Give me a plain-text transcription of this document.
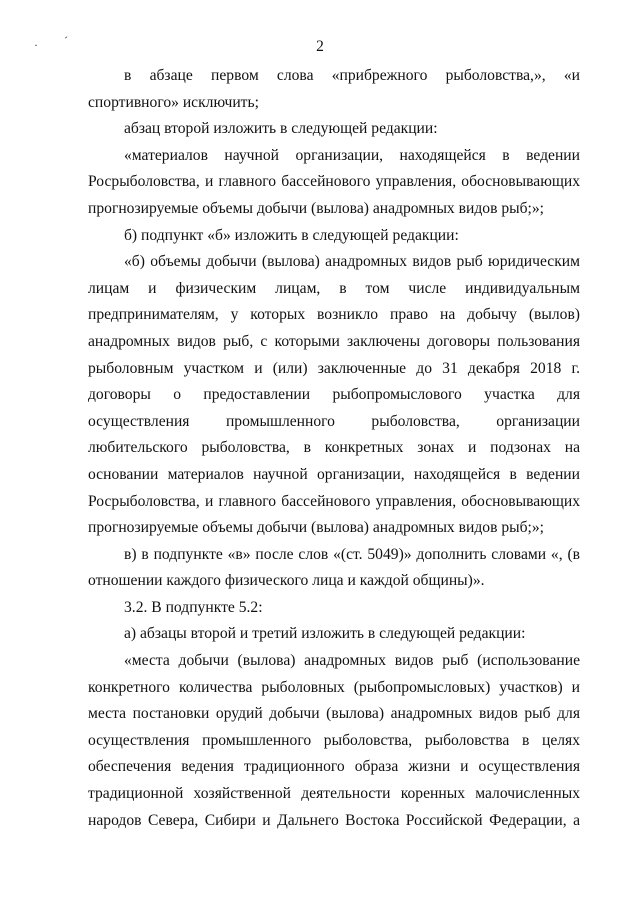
· ˊ	2

в абзаце первом слова «прибрежного рыболовства,», «и спортивного» исключить;

абзац второй изложить в следующей редакции:

«материалов научной организации, находящейся в ведении Росрыболовства, и главного бассейнового управления, обосновывающих прогнозируемые объемы добычи (вылова) анадромных видов рыб;»;

б) подпункт «б» изложить в следующей редакции:

«б) объемы добычи (вылова) анадромных видов рыб юридическим лицам и физическим лицам, в том числе индивидуальным предпринимателям, у которых возникло право на добычу (вылов) анадромных видов рыб, с которыми заключены договоры пользования рыболовным участком и (или) заключенные до 31 декабря 2018 г. договоры о предоставлении рыбопромыслового участка для осуществления промышленного рыболовства, организации любительского рыболовства, в конкретных зонах и подзонах на основании материалов научной организации, находящейся в ведении Росрыболовства, и главного бассейнового управления, обосновывающих прогнозируемые объемы добычи (вылова) анадромных видов рыб;»;

в) в подпункте «в» после слов «(ст. 5049)» дополнить словами «, (в отношении каждого физического лица и каждой общины)».

3.2. В подпункте 5.2:

а) абзацы второй и третий изложить в следующей редакции:

«места добычи (вылова) анадромных видов рыб (использование конкретного количества рыболовных (рыбопромысловых) участков) и места постановки орудий добычи (вылова) анадромных видов рыб для осуществления промышленного рыболовства, рыболовства в целях обеспечения ведения традиционного образа жизни и осуществления традиционной хозяйственной деятельности коренных малочисленных народов Севера, Сибири и Дальнего Востока Российской Федерации, а
